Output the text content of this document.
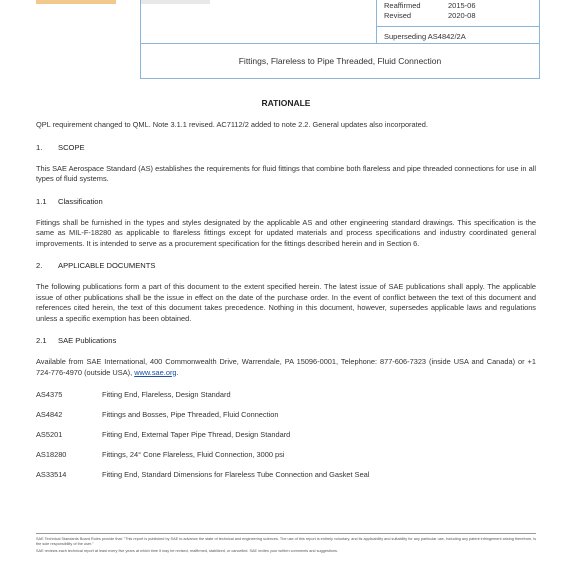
Reaffirmed	2015-06
Revised	2020-08
Superseding AS4842/2A
Fittings, Flareless to Pipe Threaded, Fluid Connection
RATIONALE

QPL requirement changed to QML. Note 3.1.1 revised. AC7112/2 added to note 2.2. General updates also incorporated.

1. SCOPE

This SAE Aerospace Standard (AS) establishes the requirements for fluid fittings that combine both flareless and pipe threaded connections for use in all types of fluid systems.

1.1 Classification

Fittings shall be furnished in the types and styles designated by the applicable AS and other engineering standard drawings. This specification is the same as MIL-F-18280 as applicable to flareless fittings except for updated materials and process specifications and industry coordinated general improvements. It is intended to serve as a procurement specification for the fittings described herein and in Section 6.

2. APPLICABLE DOCUMENTS

The following publications form a part of this document to the extent specified herein. The latest issue of SAE publications shall apply. The applicable issue of other publications shall be the issue in effect on the date of the purchase order. In the event of conflict between the text of this document and references cited herein, the text of this document takes precedence. Nothing in this document, however, supersedes applicable laws and regulations unless a specific exemption has been obtained.

2.1 SAE Publications

Available from SAE International, 400 Commonwealth Drive, Warrendale, PA 15096-0001, Telephone: 877-606-7323 (inside USA and Canada) or +1 724-776-4970 (outside USA), www.sae.org.

AS4375	Fitting End, Flareless, Design Standard
AS4842	Fittings and Bosses, Pipe Threaded, Fluid Connection
AS5201	Fitting End, External Taper Pipe Thread, Design Standard
AS18280	Fittings, 24° Cone Flareless, Fluid Connection, 3000 psi
AS33514	Fitting End, Standard Dimensions for Flareless Tube Connection and Gasket Seal

SAE Technical Standards Board Rules provide that: "This report is published by SAE to advance the state of technical and engineering sciences. The use of this report is entirely voluntary, and its applicability and suitability for any particular use, including any patent infringement arising therefrom, is the sole responsibility of the user."

SAE reviews each technical report at least every five years at which time it may be revised, reaffirmed, stabilized, or cancelled. SAE invites your written comments and suggestions.
